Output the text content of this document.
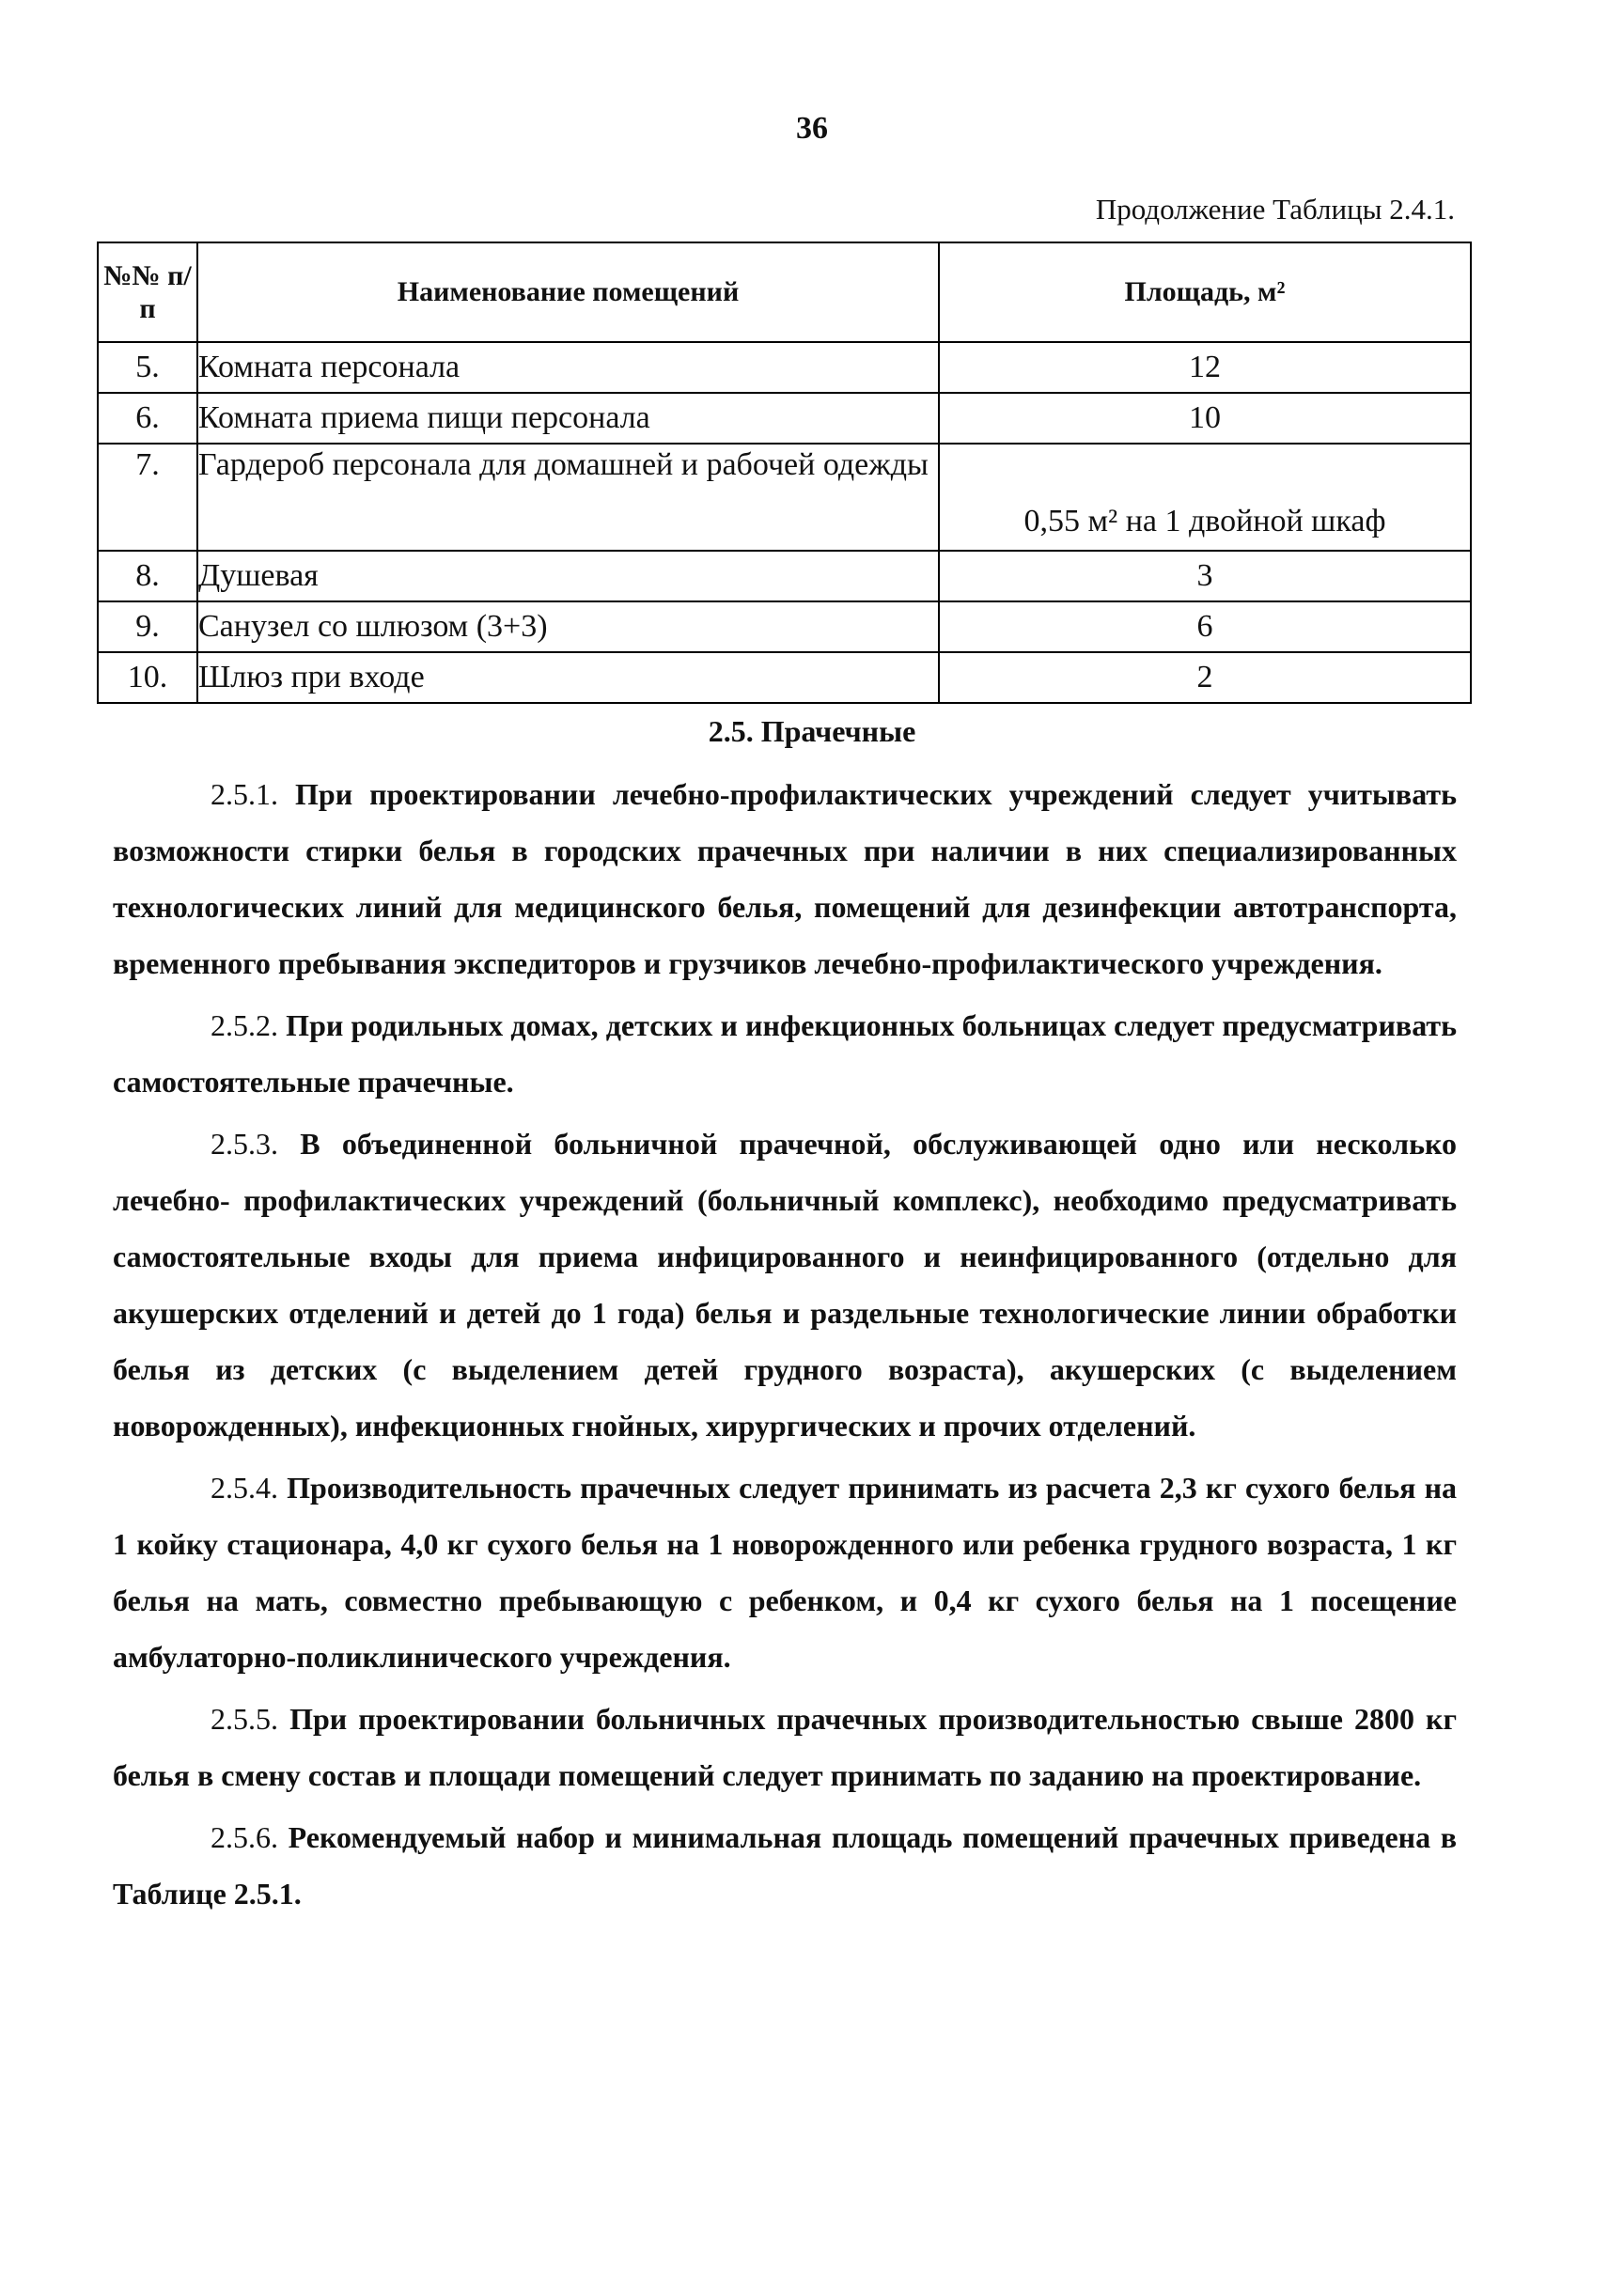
36
Продолжение Таблицы 2.4.1.
№№ п/п	Наименование помещений	Площадь, м²
5.	Комната персонала	12
6.	Комната приема пищи персонала	10
7.	Гардероб персонала для домашней и рабочей одежды	0,55 м² на 1 двойной шкаф
8.	Душевая	3
9.	Санузел со шлюзом (3+3)	6
10.	Шлюз при входе	2
2.5. Прачечные

2.5.1. При проектировании лечебно-профилактических учреждений следует учитывать возможности стирки белья в городских прачечных при наличии в них специализированных технологических линий для медицинского белья, помещений для дезинфекции автотранспорта, временного пребывания экспедиторов и грузчиков лечебно-профилактического учреждения.

2.5.2. При родильных домах, детских и инфекционных больницах следует предусматривать самостоятельные прачечные.

2.5.3. В объединенной больничной прачечной, обслуживающей одно или несколько лечебно- профилактических учреждений (больничный комплекс), необходимо предусматривать самостоятельные входы для приема инфицированного и неинфицированного (отдельно для акушерских отделений и детей до 1 года) белья и раздельные технологические линии обработки белья из детских (с выделением детей грудного возраста), акушерских (с выделением новорожденных), инфекционных гнойных, хирургических и прочих отделений.

2.5.4. Производительность прачечных следует принимать из расчета 2,3 кг сухого белья на 1 койку стационара, 4,0 кг сухого белья на 1 новорожденного или ребенка грудного возраста, 1 кг белья на мать, совместно пребывающую с ребенком, и 0,4 кг сухого белья на 1 посещение амбулаторно-поликлинического учреждения.

2.5.5. При проектировании больничных прачечных производительностью свыше 2800 кг белья в смену состав и площади помещений следует принимать по заданию на проектирование.

2.5.6. Рекомендуемый набор и минимальная площадь помещений прачечных приведена в Таблице 2.5.1.
